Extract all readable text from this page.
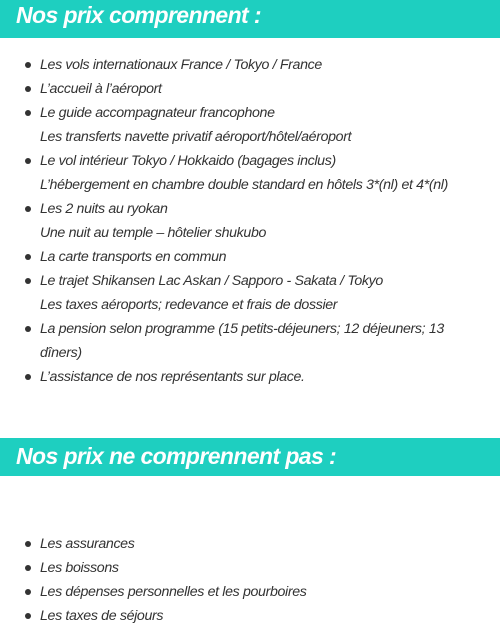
Nos prix comprennent :
Les vols internationaux France / Tokyo / France
L’accueil à l’aéroport
Le guide accompagnateur francophone
Les transferts navette privatif aéroport/hôtel/aéroport
Le vol intérieur Tokyo / Hokkaido (bagages inclus)
L’hébergement en chambre double standard en hôtels 3*(nl) et 4*(nl)
Les 2 nuits au ryokan
Une nuit au temple – hôtelier shukubo
La carte transports en commun
Le trajet Shikansen Lac Askan / Sapporo - Sakata / Tokyo
Les taxes aéroports; redevance et frais de dossier
La pension selon programme (15 petits-déjeuners; 12 déjeuners; 13 dîners)
L’assistance de nos représentants sur place.
Nos prix ne comprennent pas :
Les assurances
Les boissons
Les dépenses personnelles et les pourboires
Les taxes de séjours
